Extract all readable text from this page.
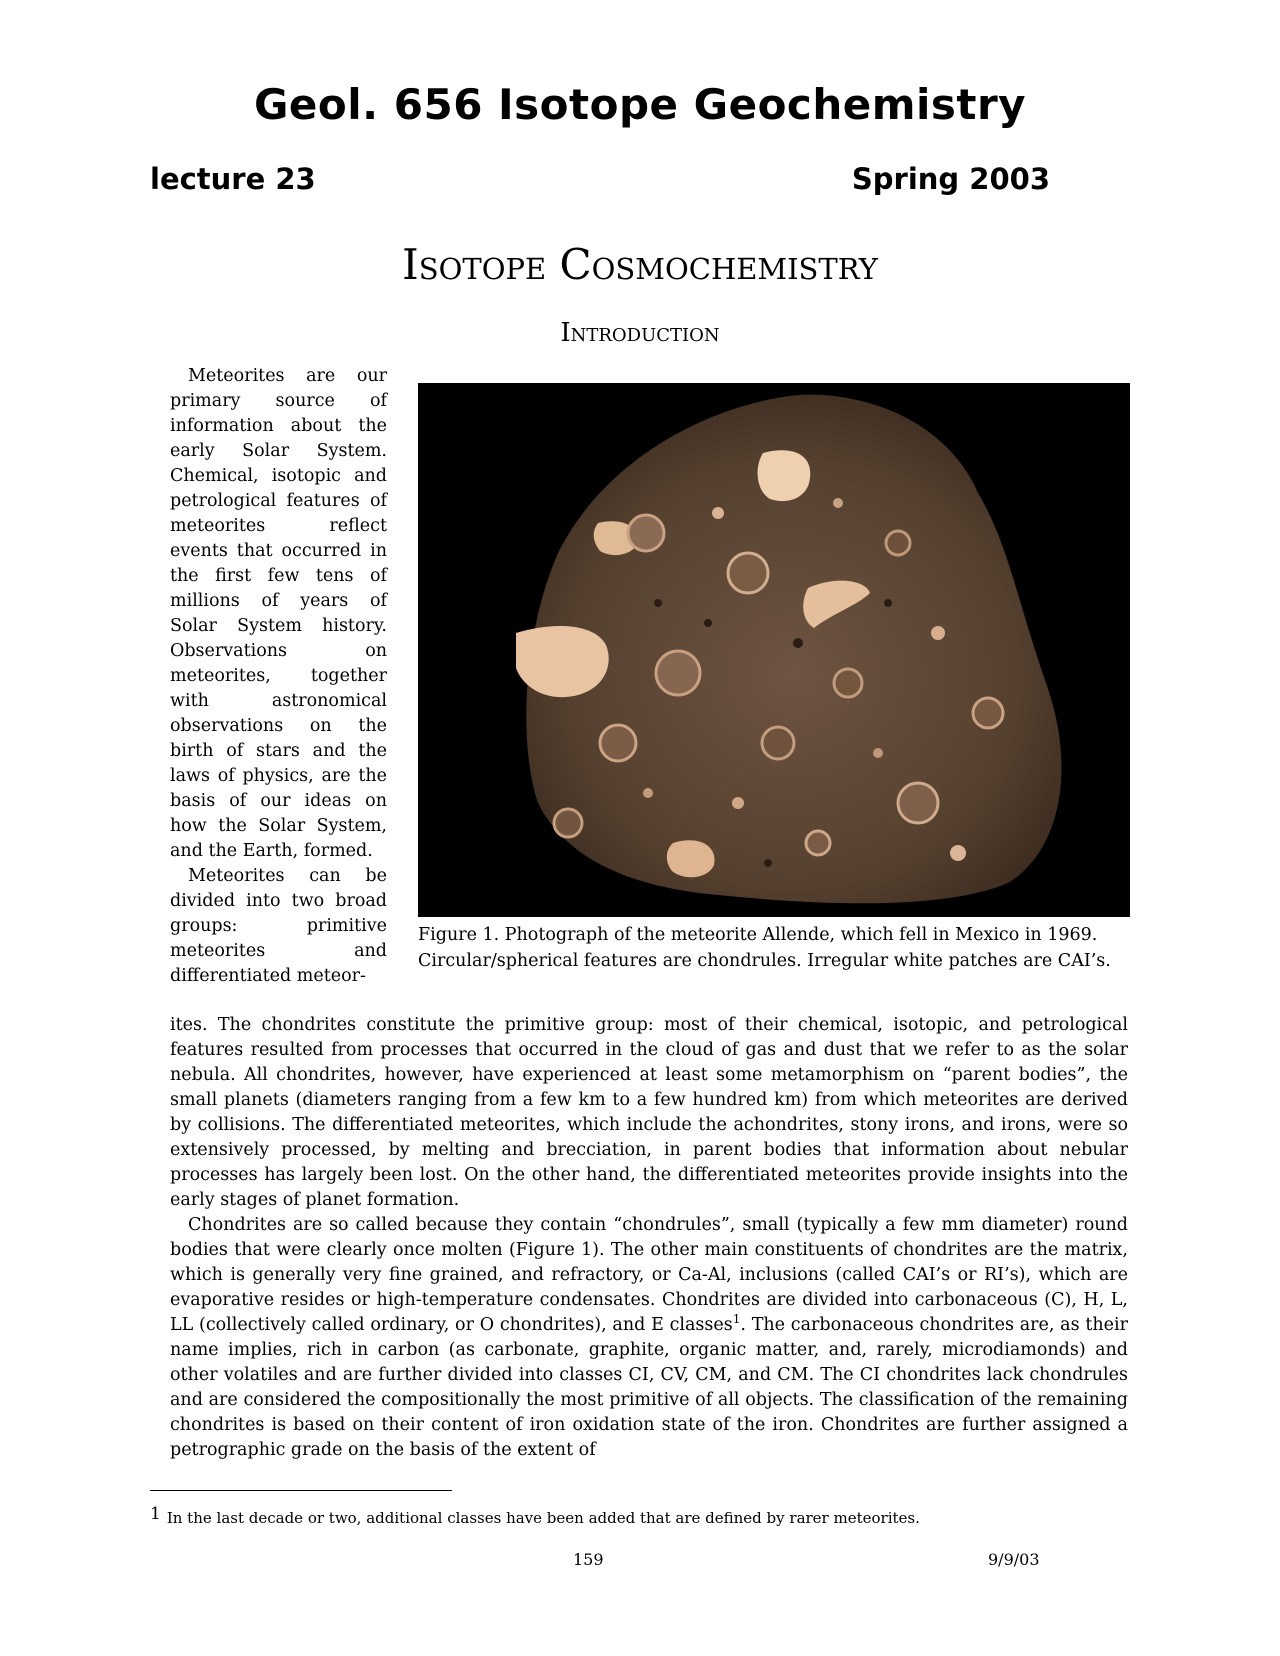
Geol. 656 Isotope Geochemistry
lecture 23	Spring 2003
Isotope Cosmochemistry
Introduction

Meteorites are our primary source of information about the early Solar System. Chemical, isotopic and petrological features of meteorites reflect events that occurred in the first few tens of millions of years of Solar System history. Observations on meteorites, together with astronomical observations on the birth of stars and the laws of physics, are the basis of our ideas on how the Solar System, and the Earth, formed.

Meteorites can be divided into two broad groups: primitive meteorites and differentiated meteor-

Figure 1. Photograph of the meteorite Allende, which fell in Mexico in 1969. Circular/spherical features are chondrules. Irregular white patches are CAI’s.

ites. The chondrites constitute the primitive group: most of their chemical, isotopic, and petrological features resulted from processes that occurred in the cloud of gas and dust that we refer to as the solar nebula. All chondrites, however, have experienced at least some metamorphism on “parent bodies”, the small planets (diameters ranging from a few km to a few hundred km) from which meteorites are derived by collisions. The differentiated meteorites, which include the achondrites, stony irons, and irons, were so extensively processed, by melting and brecciation, in parent bodies that information about nebular processes has largely been lost. On the other hand, the differentiated meteorites provide insights into the early stages of planet formation.

Chondrites are so called because they contain “chondrules”, small (typically a few mm diameter) round bodies that were clearly once molten (Figure 1). The other main constituents of chondrites are the matrix, which is generally very fine grained, and refractory, or Ca-Al, inclusions (called CAI’s or RI’s), which are evaporative resides or high-temperature condensates. Chondrites are divided into carbonaceous (C), H, L, LL (collectively called ordinary, or O chondrites), and E classes$^1$. The carbonaceous chondrites are, as their name implies, rich in carbon (as carbonate, graphite, organic matter, and, rarely, microdiamonds) and other volatiles and are further divided into classes CI, CV, CM, and CM. The CI chondrites lack chondrules and are considered the compositionally the most primitive of all objects. The classification of the remaining chondrites is based on their content of iron oxidation state of the iron. Chondrites are further assigned a petrographic grade on the basis of the extent of

1 In the last decade or two, additional classes have been added that are defined by rarer meteorites.
159	9/9/03
